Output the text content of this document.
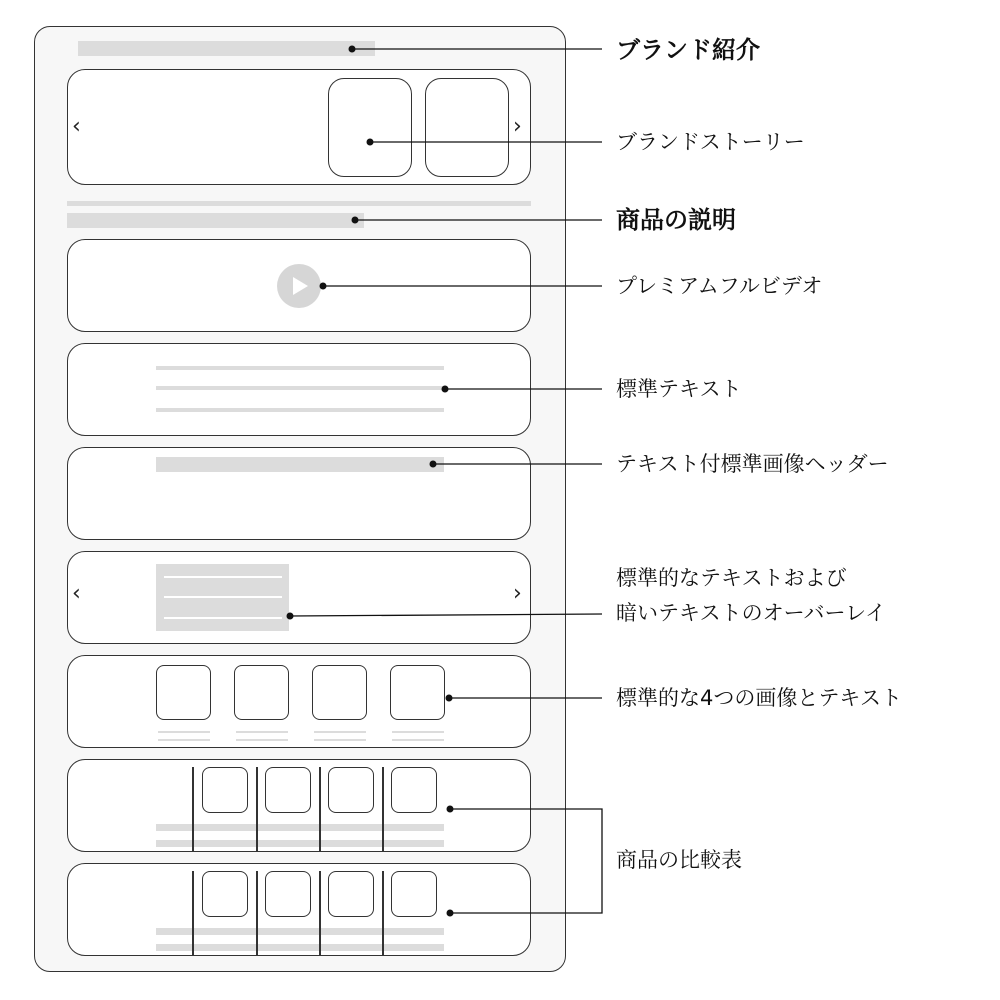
‹	›
‹	›
ブランド紹介
ブランドストーリー
商品の説明
プレミアムフルビデオ
標準テキスト
テキスト付標準画像ヘッダー
標準的なテキストおよび
暗いテキストのオーバーレイ
標準的な4つの画像とテキスト
商品の比較表
